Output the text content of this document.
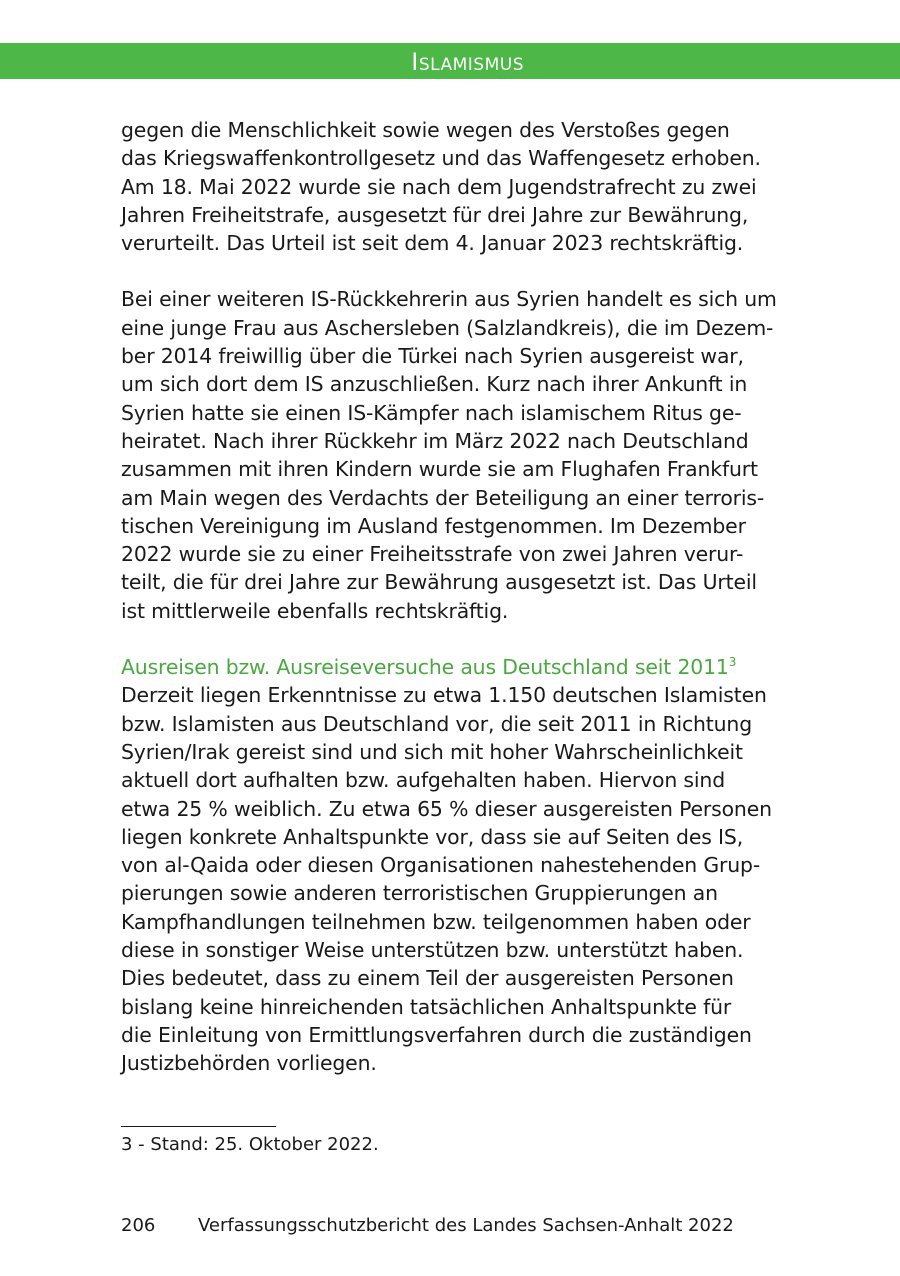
Islamismus

gegen die Menschlichkeit sowie wegen des Verstoßes gegen
das Kriegswaffenkontrollgesetz und das Waffengesetz erhoben.
Am 18. Mai 2022 wurde sie nach dem Jugendstrafrecht zu zwei
Jahren Freiheitstrafe, ausgesetzt für drei Jahre zur Bewährung,
verurteilt. Das Urteil ist seit dem 4. Januar 2023 rechtskräftig.

Bei einer weiteren IS-Rückkehrerin aus Syrien handelt es sich um
eine junge Frau aus Aschersleben (Salzlandkreis), die im Dezem-
ber 2014 freiwillig über die Türkei nach Syrien ausgereist war,
um sich dort dem IS anzuschließen. Kurz nach ihrer Ankunft in
Syrien hatte sie einen IS-Kämpfer nach islamischem Ritus ge-
heiratet. Nach ihrer Rückkehr im März 2022 nach Deutschland
zusammen mit ihren Kindern wurde sie am Flughafen Frankfurt
am Main wegen des Verdachts der Beteiligung an einer terroris-
tischen Vereinigung im Ausland festgenommen. Im Dezember
2022 wurde sie zu einer Freiheitsstrafe von zwei Jahren verur-
teilt, die für drei Jahre zur Bewährung ausgesetzt ist. Das Urteil
ist mittlerweile ebenfalls rechtskräftig.

Ausreisen bzw. Ausreiseversuche aus Deutschland seit 2011$^3$

Derzeit liegen Erkenntnisse zu etwa 1.150 deutschen Islamisten
bzw. Islamisten aus Deutschland vor, die seit 2011 in Richtung
Syrien/Irak gereist sind und sich mit hoher Wahrscheinlichkeit
aktuell dort aufhalten bzw. aufgehalten haben. Hiervon sind
etwa 25 % weiblich. Zu etwa 65 % dieser ausgereisten Personen
liegen konkrete Anhaltspunkte vor, dass sie auf Seiten des IS,
von al-Qaida oder diesen Organisationen nahestehenden Grup-
pierungen sowie anderen terroristischen Gruppierungen an
Kampfhandlungen teilnehmen bzw. teilgenommen haben oder
diese in sonstiger Weise unterstützen bzw. unterstützt haben.
Dies bedeutet, dass zu einem Teil der ausgereisten Personen
bislang keine hinreichenden tatsächlichen Anhaltspunkte für
die Einleitung von Ermittlungsverfahren durch die zuständigen
Justizbehörden vorliegen.

3 - Stand: 25. Oktober 2022.
206 Verfassungsschutzbericht des Landes Sachsen-Anhalt 2022
